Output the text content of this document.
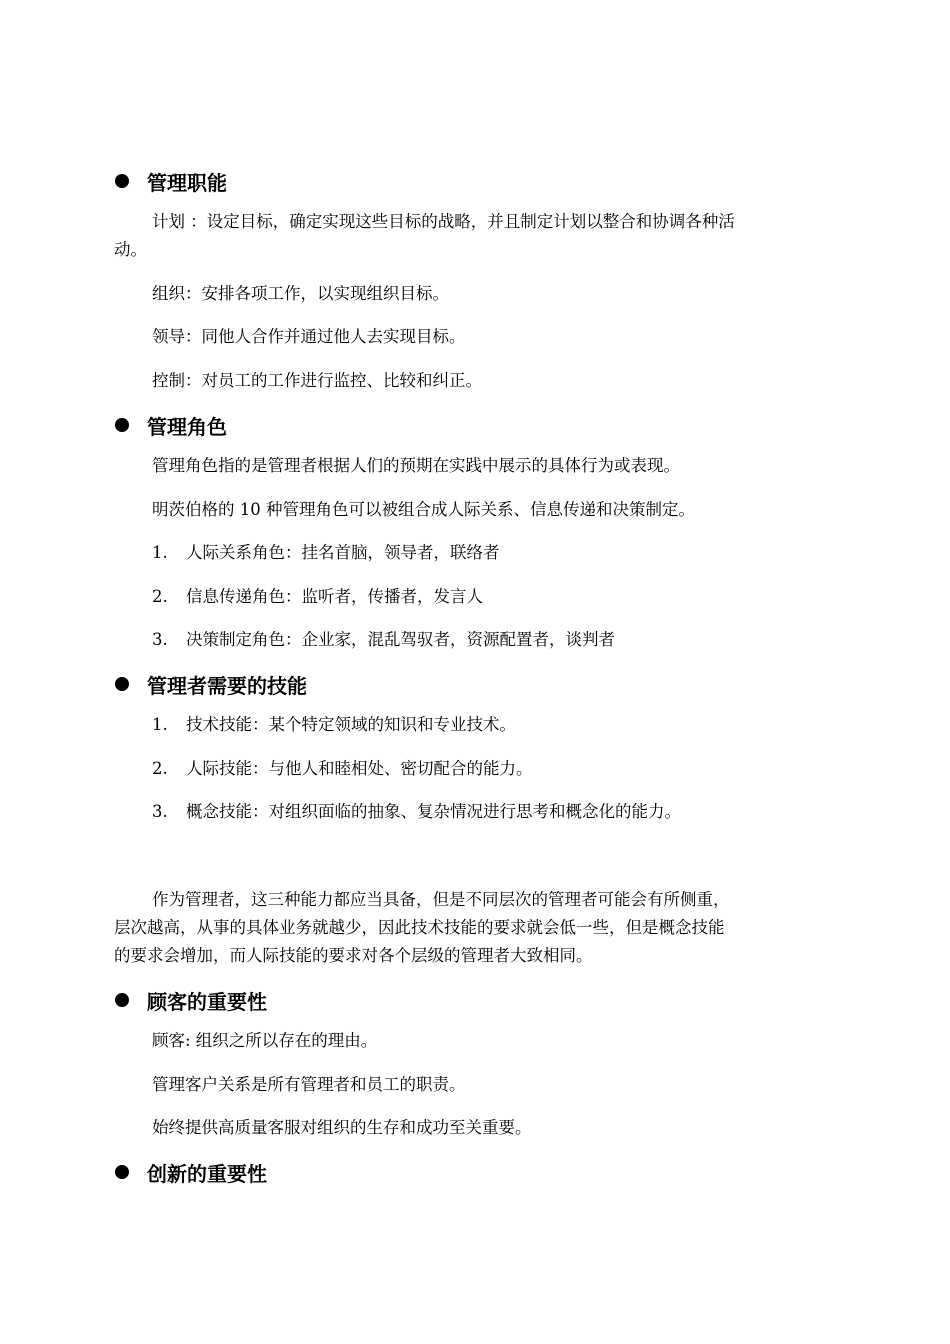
管理职能
计划 ：设定目标，确定实现这些目标的战略，并且制定计划以整合和协调各种活
动。
组织：安排各项工作，以实现组织目标。
领导：同他人合作并通过他人去实现目标。
控制：对员工的工作进行监控、比较和纠正。
管理角色
管理角色指的是管理者根据人们的预期在实践中展示的具体行为或表现。
明茨伯格的 10 种管理角色可以被组合成人际关系、信息传递和决策制定。
1. 人际关系角色：挂名首脑，领导者，联络者
2. 信息传递角色：监听者，传播者，发言人
3. 决策制定角色：企业家，混乱驾驭者，资源配置者，谈判者
管理者需要的技能
1. 技术技能：某个特定领域的知识和专业技术。
2. 人际技能：与他人和睦相处、密切配合的能力。
3. 概念技能：对组织面临的抽象、复杂情况进行思考和概念化的能力。
作为管理者，这三种能力都应当具备，但是不同层次的管理者可能会有所侧重，
层次越高，从事的具体业务就越少，因此技术技能的要求就会低一些，但是概念技能
的要求会增加，而人际技能的要求对各个层级的管理者大致相同。
顾客的重要性
顾客: 组织之所以存在的理由。
管理客户关系是所有管理者和员工的职责。
始终提供高质量客服对组织的生存和成功至关重要。
创新的重要性
